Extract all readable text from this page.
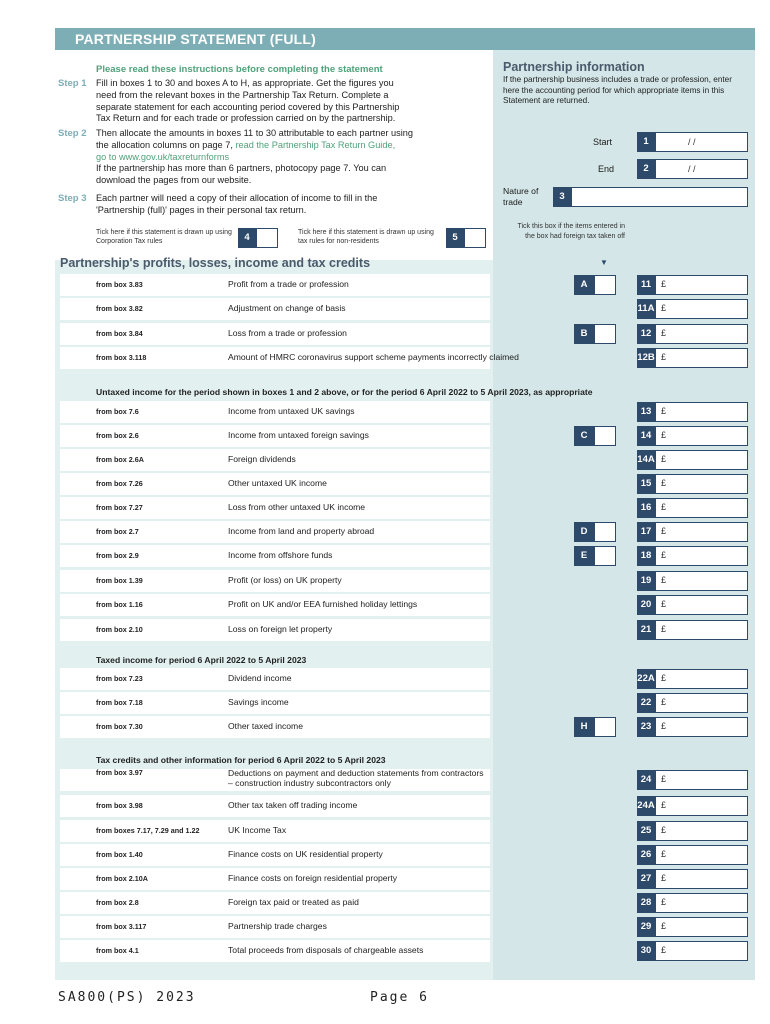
PARTNERSHIP STATEMENT (FULL)
Please read these instructions before completing the statement
Step 1 Fill in boxes 1 to 30 and boxes A to H, as appropriate. Get the figures you
need from the relevant boxes in the Partnership Tax Return. Complete a
separate statement for each accounting period covered by this Partnership
Tax Return and for each trade or profession carried on by the partnership.
Step 2 Then allocate the amounts in boxes 11 to 30 attributable to each partner using
the allocation columns on page 7, read the Partnership Tax Return Guide,
go to www.gov.uk/taxreturnforms
If the partnership has more than 6 partners, photocopy page 7. You can
download the pages from our website.
Step 3 Each partner will need a copy of their allocation of income to fill in the
'Partnership (full)' pages in their personal tax return.
Tick here if this statement is drawn up using Corporation Tax rules	4	Tick here if this statement is drawn up using tax rules for non-residents	5
Partnership information
If the partnership business includes a trade or profession, enter here the accounting period for which appropriate items in this Statement are returned.
Start	1	/ /
End	2	/ /
Nature of trade	3
Tick this box if the items entered in the box had foreign tax taken off
▼
Partnership's profits, losses, income and tax credits
from box 3.83	Profit from a trade or profession	A	11	£
from box 3.82	Adjustment on change of basis	11A £
from box 3.84	Loss from a trade or profession	B	12	£
from box 3.118	Amount of HMRC coronavirus support scheme payments incorrectly claimed	12B £
Untaxed income for the period shown in boxes 1 and 2 above, or for the period 6 April 2022 to 5 April 2023, as appropriate
from box 7.6	Income from untaxed UK savings	13	£
from box 2.6	Income from untaxed foreign savings	C	14	£
from box 2.6A	Foreign dividends	14A £
from box 7.26	Other untaxed UK income	15	£
from box 7.27	Loss from other untaxed UK income	16	£
from box 2.7	Income from land and property abroad	D	17	£
from box 2.9	Income from offshore funds	E	18	£
from box 1.39	Profit (or loss) on UK property	19	£
from box 1.16	Profit on UK and/or EEA furnished holiday lettings	20	£
from box 2.10	Loss on foreign let property	21	£
Taxed income for period 6 April 2022 to 5 April 2023
from box 7.23	Dividend income	22A £
from box 7.18	Savings income	22	£
from box 7.30	Other taxed income	H	23	£
Tax credits and other information for period 6 April 2022 to 5 April 2023
from box 3.97	Deductions on payment and deduction statements from contractors
– construction industry subcontractors only	24	£
from box 3.98	Other tax taken off trading income	24A £
from boxes 7.17, 7.29 and 1.22	UK Income Tax	25	£
from box 1.40	Finance costs on UK residential property	26	£
from box 2.10A	Finance costs on foreign residential property	27	£
from box 2.8	Foreign tax paid or treated as paid	28	£
from box 3.117	Partnership trade charges	29	£
from box 4.1	Total proceeds from disposals of chargeable assets	30	£
SA800(PS) 2023	Page 6
